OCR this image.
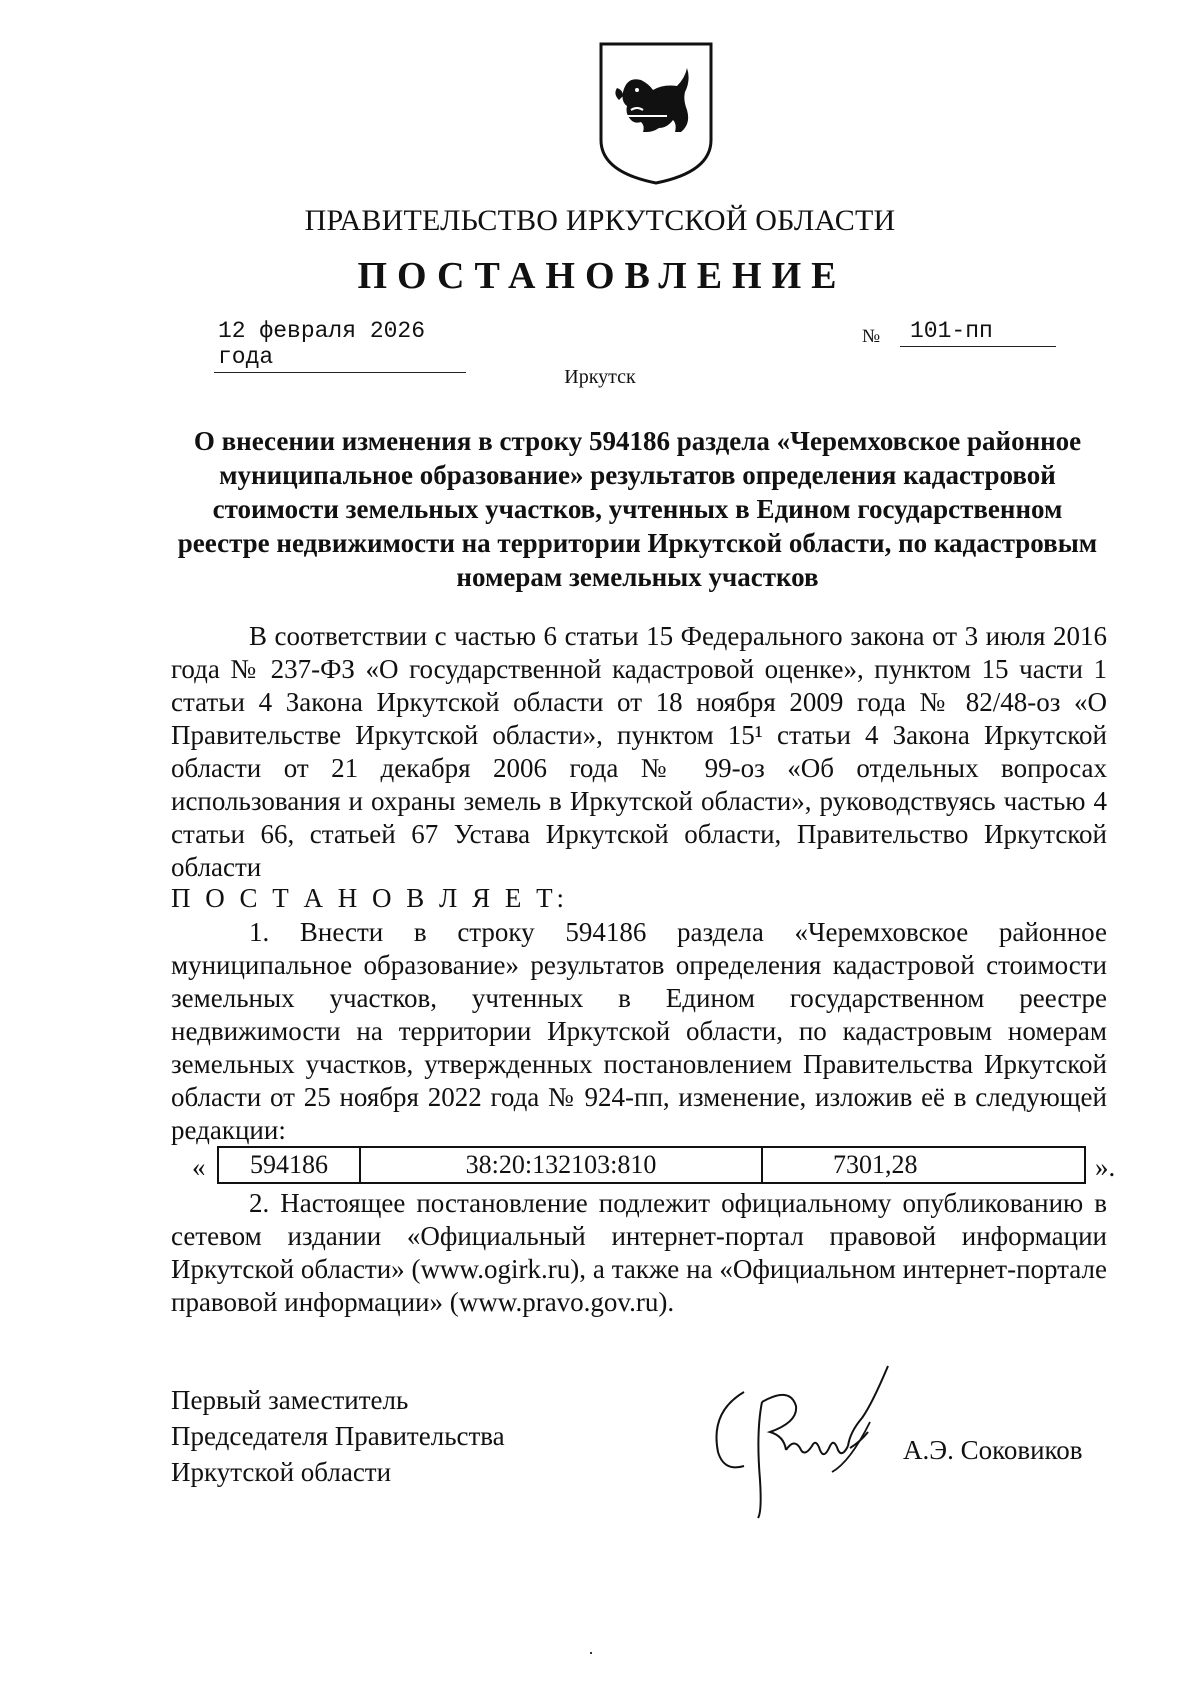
ПРАВИТЕЛЬСТВО ИРКУТСКОЙ ОБЛАСТИ
ПОСТАНОВЛЕНИЕ
12 февраля 2026 года
№	101-пп
Иркутск
О внесении изменения в строку 594186 раздела «Черемховское районное муниципальное образование» результатов определения кадастровой стоимости земельных участков, учтенных в Едином государственном реестре недвижимости на территории Иркутской области, по кадастровым номерам земельных участков
В соответствии с частью 6 статьи 15 Федерального закона от 3 июля 2016 года № 237-ФЗ «О государственной кадастровой оценке», пунктом 15 части 1 статьи 4 Закона Иркутской области от 18 ноября 2009 года № 82/48-оз «О Правительстве Иркутской области», пунктом 15¹ статьи 4 Закона Иркутской области от 21 декабря 2006 года № 99-оз «Об отдельных вопросах использования и охраны земель в Иркутской области», руководствуясь частью 4 статьи 66, статьей 67 Устава Иркутской области, Правительство Иркутской области
П О С Т А Н О В Л Я Е Т:
1. Внести в строку 594186 раздела «Черемховское районное муниципальное образование» результатов определения кадастровой стоимости земельных участков, учтенных в Едином государственном реестре недвижимости на территории Иркутской области, по кадастровым номерам земельных участков, утвержденных постановлением Правительства Иркутской области от 25 ноября 2022 года № 924-пп, изменение, изложив её в следующей редакции:
«	594186	38:20:132103:810	7301,28	».
2. Настоящее постановление подлежит официальному опубликованию в сетевом издании «Официальный интернет-портал правовой информации Иркутской области» (www.ogirk.ru), а также на «Официальном интернет-портале правовой информации» (www.pravo.gov.ru).
Первый заместитель
Председателя Правительства
Иркутской области
А.Э. Соковиков
